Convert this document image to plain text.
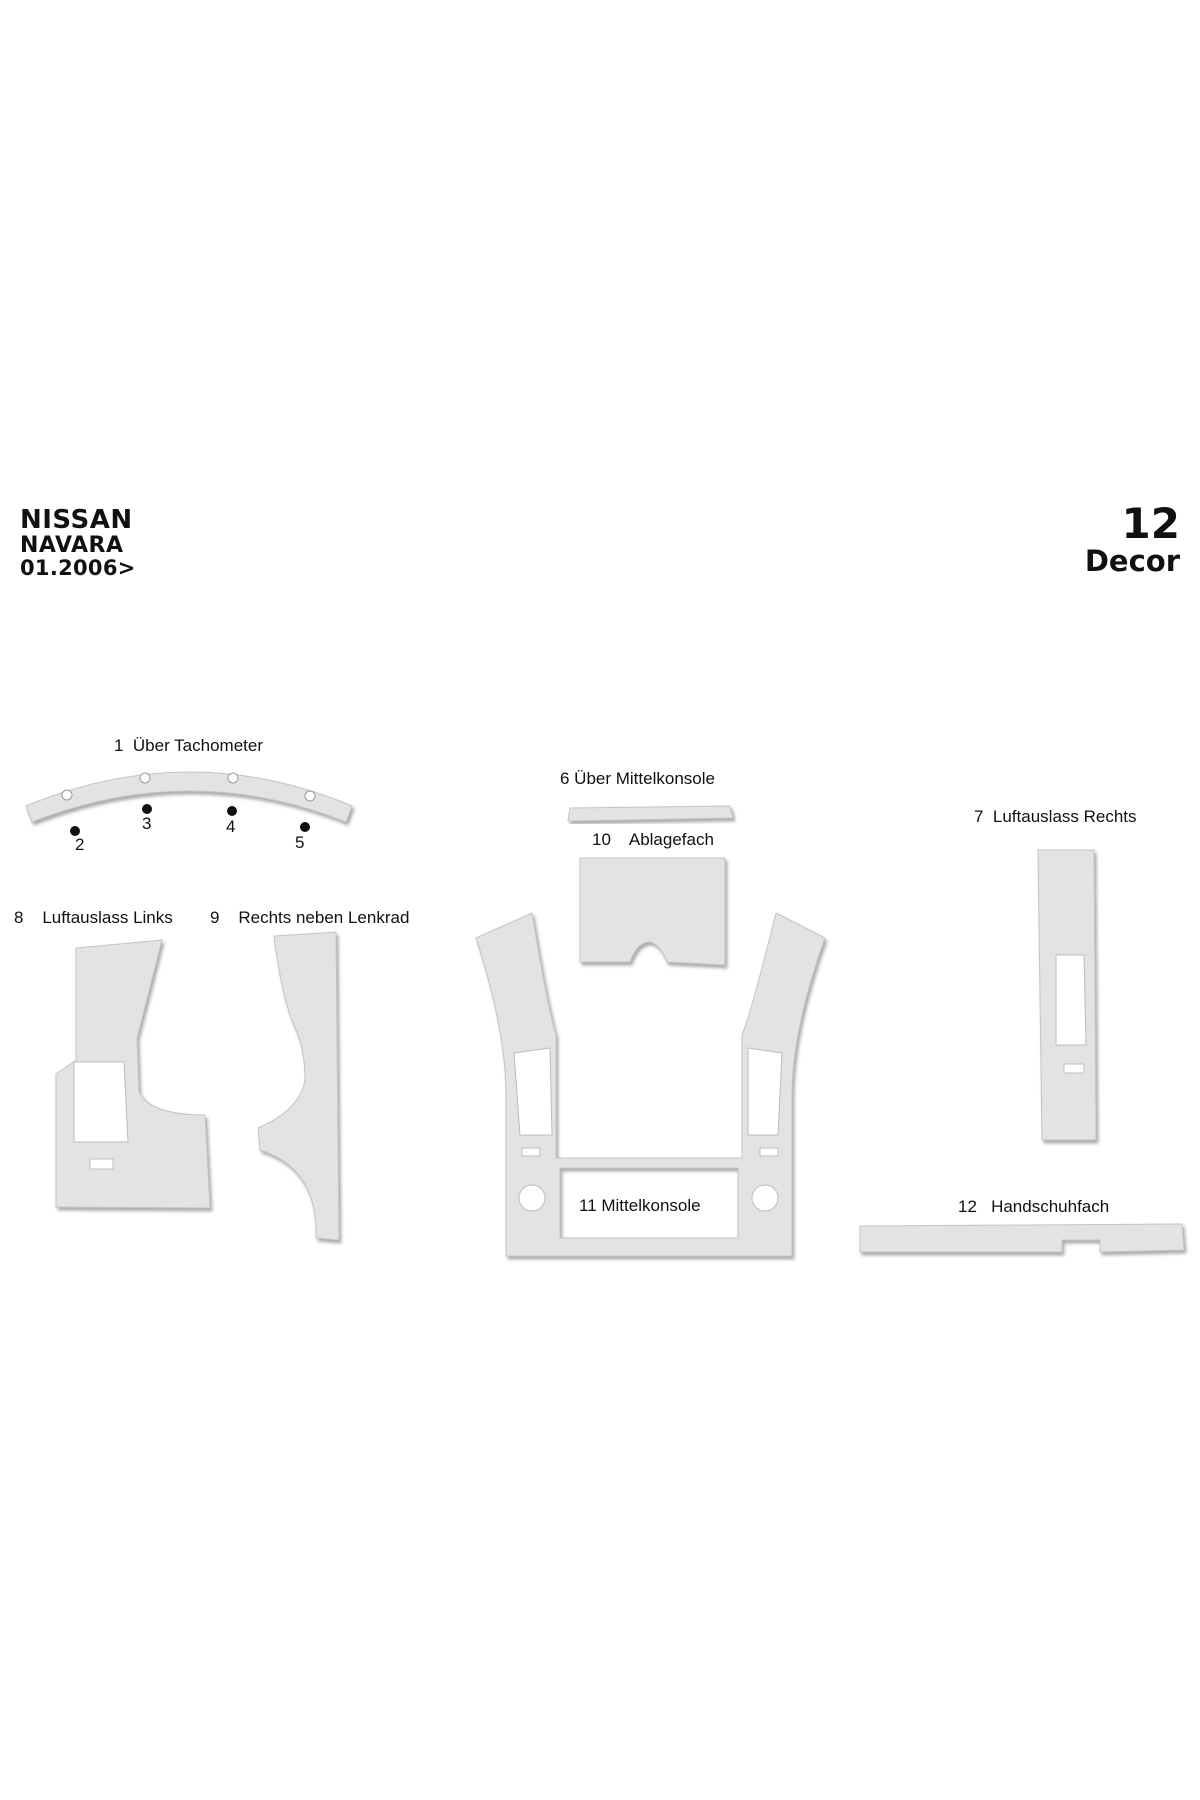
NISSAN
NAVARA
01.2006>
12
Decor
1  Über Tachometer
2
3	4
5
6 Über Mittelkonsole
10    Ablagefach
7  Luftauslass Rechts
8    Luftauslass Links 9    Rechts neben Lenkrad
11 Mittelkonsole	12   Handschuhfach
